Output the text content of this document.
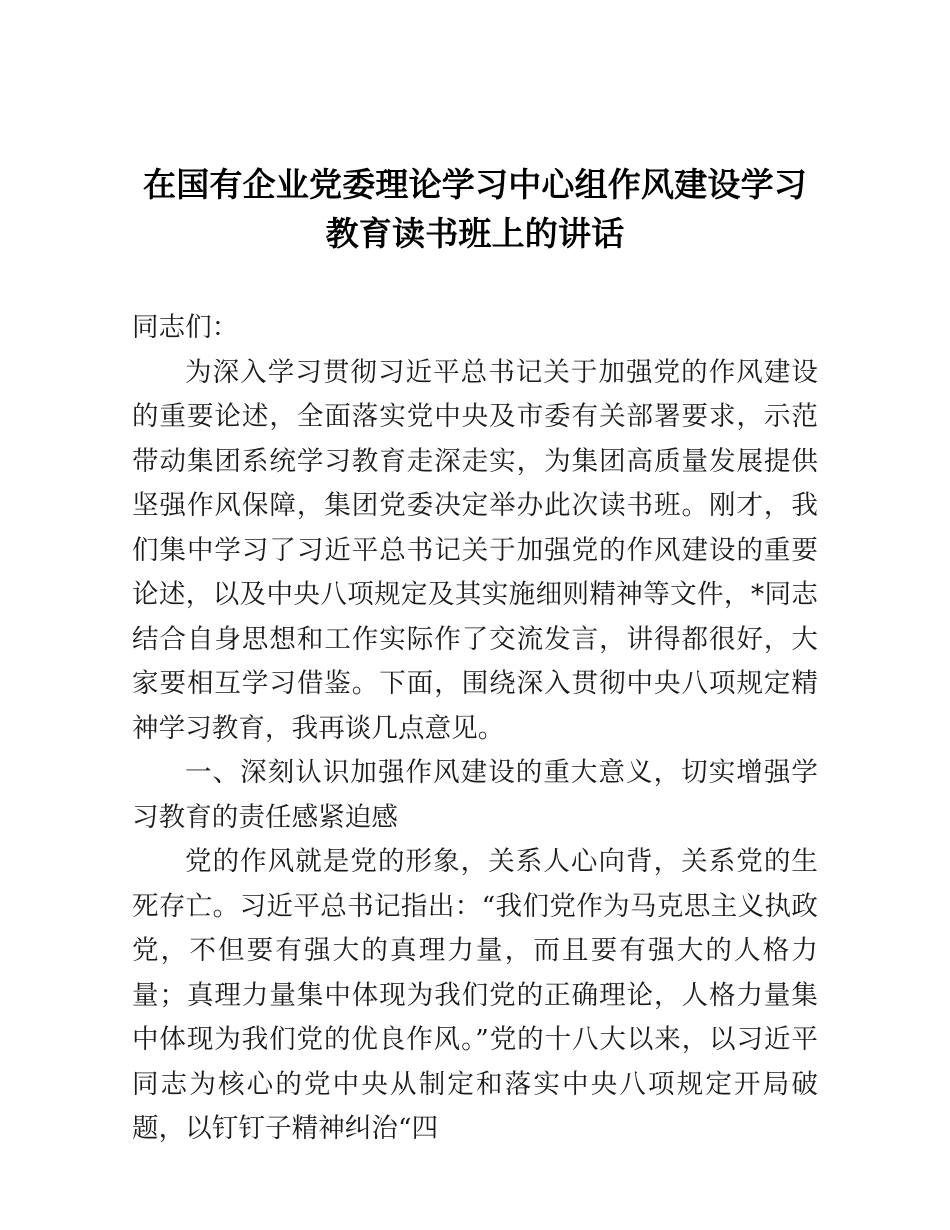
在国有企业党委理论学习中心组作风建设学习
教育读书班上的讲话

同志们：

为深入学习贯彻习近平总书记关于加强党的作风建设的重要论述，全面落实党中央及市委有关部署要求，示范带动集团系统学习教育走深走实，为集团高质量发展提供坚强作风保障，集团党委决定举办此次读书班。刚才，我们集中学习了习近平总书记关于加强党的作风建设的重要论述，以及中央八项规定及其实施细则精神等文件，*同志结合自身思想和工作实际作了交流发言，讲得都很好，大家要相互学习借鉴。下面，围绕深入贯彻中央八项规定精神学习教育，我再谈几点意见。

一、深刻认识加强作风建设的重大意义，切实增强学习教育的责任感紧迫感

党的作风就是党的形象，关系人心向背，关系党的生死存亡。习近平总书记指出：“我们党作为马克思主义执政党，不但要有强大的真理力量，而且要有强大的人格力量；真理力量集中体现为我们党的正确理论，人格力量集中体现为我们党的优良作风。”党的十八大以来，以习近平同志为核心的党中央从制定和落实中央八项规定开局破题，以钉钉子精神纠治“四
